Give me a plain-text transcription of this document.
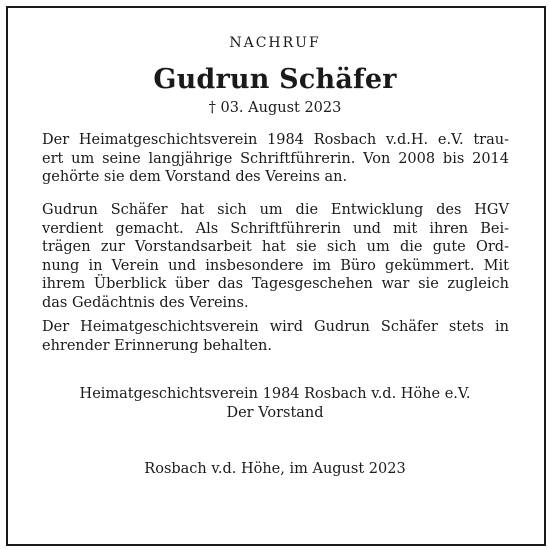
NACHRUF
Gudrun Schäfer
† 03. August 2023
Der Heimatgeschichtsverein 1984 Rosbach v.d.H. e.V. trau-
ert um seine langjährige Schriftführerin. Von 2008 bis 2014
gehörte sie dem Vorstand des Vereins an.
Gudrun Schäfer hat sich um die Entwicklung des HGV
verdient gemacht. Als Schriftführerin und mit ihren Bei-
trägen zur Vorstandsarbeit hat sie sich um die gute Ord-
nung in Verein und insbesondere im Büro gekümmert. Mit
ihrem Überblick über das Tagesgeschehen war sie zugleich
das Gedächtnis des Vereins.
Der Heimatgeschichtsverein wird Gudrun Schäfer stets in
ehrender Erinnerung behalten.
Heimatgeschichtsverein 1984 Rosbach v.d. Höhe e.V.
Der Vorstand
Rosbach v.d. Höhe, im August 2023
